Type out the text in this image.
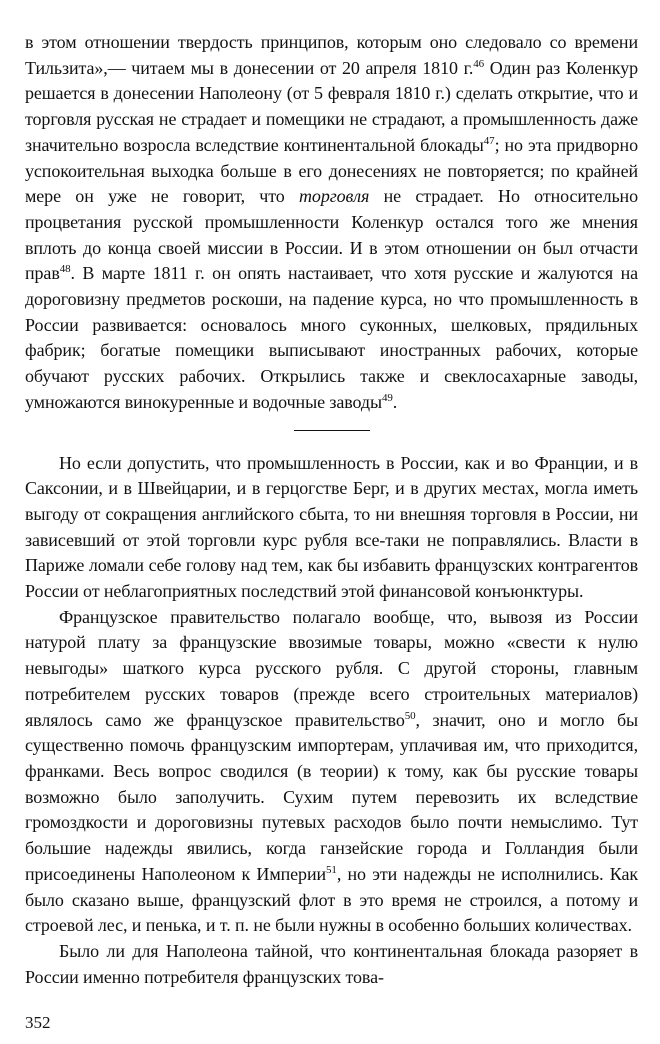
в этом отношении твердость принципов, которым оно следовало со времени Тильзита»,— читаем мы в донесении от 20 апреля 1810 г.$^{46}$ Один раз Коленкур решается в донесении Наполеону (от 5 февраля 1810 г.) сделать открытие, что и торговля русская не страдает и помещики не страдают, а промышленность даже значительно возросла вследствие континентальной блокады$^{47}$; но эта придворно успокоительная выходка больше в его донесениях не повторяется; по крайней мере он уже не говорит, что торговля не страдает. Но относительно процветания русской промышленности Коленкур остался того же мнения вплоть до конца своей миссии в России. И в этом отношении он был отчасти прав$^{48}$. В марте 1811 г. он опять настаивает, что хотя русские и жалуются на дороговизну предметов роскоши, на падение курса, но что промышленность в России развивается: основалось много суконных, шелковых, прядильных фабрик; богатые помещики выписывают иностранных рабочих, которые обучают русских рабочих. Открылись также и свеклосахарные заводы, умножаются винокуренные и водочные заводы$^{49}$.

Но если допустить, что промышленность в России, как и во Франции, и в Саксонии, и в Швейцарии, и в герцогстве Берг, и в других местах, могла иметь выгоду от сокращения английского сбыта, то ни внешняя торговля в России, ни зависевший от этой торговли курс рубля все-таки не поправлялись. Власти в Париже ломали себе голову над тем, как бы избавить французских контрагентов России от неблагоприятных последствий этой финансовой конъюнктуры.

Французское правительство полагало вообще, что, вывозя из России натурой плату за французские ввозимые товары, можно «свести к нулю невыгоды» шаткого курса русского рубля. С другой стороны, главным потребителем русских товаров (прежде всего строительных материалов) являлось само же французское правительство$^{50}$, значит, оно и могло бы существенно помочь французским импортерам, уплачивая им, что приходится, франками. Весь вопрос сводился (в теории) к тому, как бы русские товары возможно было заполучить. Сухим путем перевозить их вследствие громоздкости и дороговизны путевых расходов было почти немыслимо. Тут большие надежды явились, когда ганзейские города и Голландия были присоединены Наполеоном к Империи$^{51}$, но эти надежды не исполнились. Как было сказано выше, французский флот в это время не строился, а потому и строевой лес, и пенька, и т. п. не были нужны в особенно больших количествах.

Было ли для Наполеона тайной, что континентальная блокада разоряет в России именно потребителя французских това-

352
